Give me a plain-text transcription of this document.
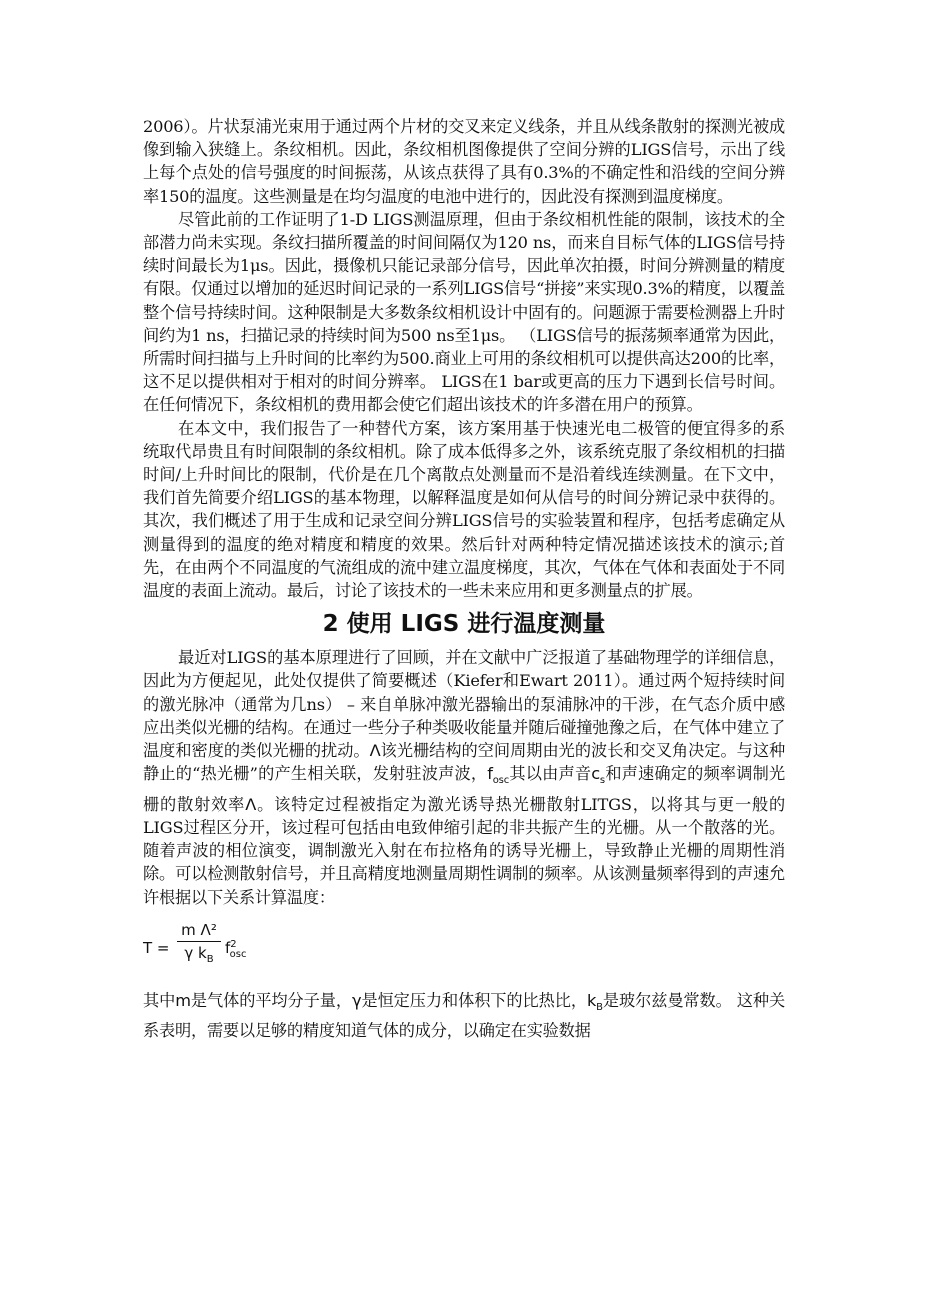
2006）。片状泵浦光束用于通过两个片材的交叉来定义线条，并且从线条散射的探测光被成像到输入狭缝上。条纹相机。因此，条纹相机图像提供了空间分辨的LIGS信号，示出了线上每个点处的信号强度的时间振荡，从该点获得了具有0.3%的不确定性和沿线的空间分辨率150的温度。这些测量是在均匀温度的电池中进行的，因此没有探测到温度梯度。

尽管此前的工作证明了1-D LIGS测温原理，但由于条纹相机性能的限制，该技术的全部潜力尚未实现。条纹扫描所覆盖的时间间隔仅为120 ns，而来自目标气体的LIGS信号持续时间最长为1μs。因此，摄像机只能记录部分信号，因此单次拍摄，时间分辨测量的精度有限。仅通过以增加的延迟时间记录的一系列LIGS信号“拼接”来实现0.3%的精度，以覆盖整个信号持续时间。这种限制是大多数条纹相机设计中固有的。问题源于需要检测器上升时间约为1 ns，扫描记录的持续时间为500 ns至1μs。 （LIGS信号的振荡频率通常为因此，所需时间扫描与上升时间的比率约为500.商业上可用的条纹相机可以提供高达200的比率，这不足以提供相对于相对的时间分辨率。 LIGS在1 bar或更高的压力下遇到长信号时间。在任何情况下，条纹相机的费用都会使它们超出该技术的许多潜在用户的预算。

在本文中，我们报告了一种替代方案，该方案用基于快速光电二极管的便宜得多的系统取代昂贵且有时间限制的条纹相机。除了成本低得多之外，该系统克服了条纹相机的扫描时间/上升时间比的限制，代价是在几个离散点处测量而不是沿着线连续测量。在下文中，我们首先简要介绍LIGS的基本物理，以解释温度是如何从信号的时间分辨记录中获得的。其次，我们概述了用于生成和记录空间分辨LIGS信号的实验装置和程序，包括考虑确定从测量得到的温度的绝对精度和精度的效果。然后针对两种特定情况描述该技术的演示;首先，在由两个不同温度的气流组成的流中建立温度梯度，其次，气体在气体和表面处于不同温度的表面上流动。最后，讨论了该技术的一些未来应用和更多测量点的扩展。

2 使用 LIGS 进行温度测量

最近对LIGS的基本原理进行了回顾，并在文献中广泛报道了基础物理学的详细信息，因此为方便起见，此处仅提供了简要概述（Kiefer和Ewart 2011）。通过两个短持续时间的激光脉冲（通常为几ns） – 来自单脉冲激光器输出的泵浦脉冲的干涉，在气态介质中感应出类似光栅的结构。在通过一些分子种类吸收能量并随后碰撞弛豫之后，在气体中建立了温度和密度的类似光栅的扰动。Λ该光栅结构的空间周期由光的波长和交叉角决定。与这种静止的“热光栅”的产生相关联，发射驻波声波，$f_{osc}$其以由声音$c_s$和声速确定的频率调制光栅的散射效率Λ。该特定过程被指定为激光诱导热光栅散射LITGS，以将其与更一般的LIGS过程区分开，该过程可包括由电致伸缩引起的非共振产生的光栅。从一个散落的光。随着声波的相位演变，调制激光入射在布拉格角的诱导光栅上，导致静止光栅的周期性消除。可以检测散射信号，并且高精度地测量周期性调制的频率。从该测量频率得到的声速允许根据以下关系计算温度：

$T = \frac{\text{m Λ²}}{\gamma k_B} f^2_{osc}$

其中m是气体的平均分子量，γ是恒定压力和体积下的比热比，$k_B$是玻尔兹曼常数。 这种关系表明，需要以足够的精度知道气体的成分，以确定在实验数据
